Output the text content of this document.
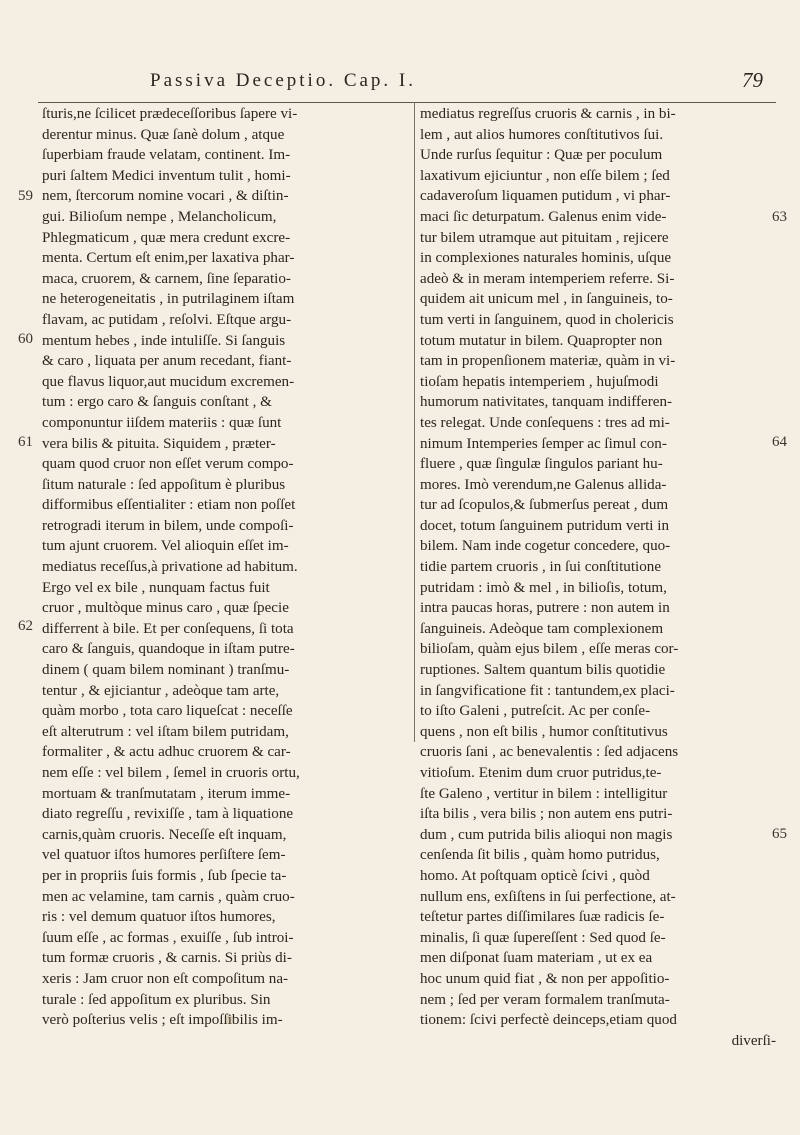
Passiva Deceptio. Cap. I.	79
ſturis,ne ſcilicet prædeceſſoribus ſapere vi-
derentur minus. Quæ ſanè dolum , atque
ſuperbiam fraude velatam, continent. Im-
puri ſaltem Medici inventum tulit , homi-
nem, ſtercorum nomine vocari , & diſtin-
gui. Bilioſum nempe , Melancholicum,
Phlegmaticum , quæ mera credunt excre-
menta. Certum eſt enim,per laxativa phar-
maca, cruorem, & carnem, ſine ſeparatio-
ne heterogeneitatis , in putrilaginem iſtam
flavam, ac putidam , reſolvi. Eſtque argu-
mentum hebes , inde intuliſſe. Si ſanguis
& caro , liquata per anum recedant, fiant-
que flavus liquor,aut mucidum excremen-
tum : ergo caro & ſanguis conſtant , &
componuntur iiſdem materiis : quæ ſunt
vera bilis & pituita. Siquidem , præter-
quam quod cruor non eſſet verum compo-
ſitum naturale : ſed appoſitum è pluribus
difformibus eſſentialiter : etiam non poſſet
retrogradi iterum in bilem, unde compoſi-
tum ajunt cruorem. Vel alioquin eſſet im-
mediatus receſſus,à privatione ad habitum.
Ergo vel ex bile , nunquam factus fuit
cruor , multòque minus caro , quæ ſpecie
differrent à bile. Et per conſequens, ſi tota
caro & ſanguis, quandoque in iſtam putre-
dinem ( quam bilem nominant ) tranſmu-
tentur , & ejiciantur , adeòque tam arte,
quàm morbo , tota caro liqueſcat : neceſſe
eſt alterutrum : vel iſtam bilem putridam,
formaliter , & actu adhuc cruorem & car-
nem eſſe : vel bilem , ſemel in cruoris ortu,
mortuam & tranſmutatam , iterum imme-
diato regreſſu , revixiſſe , tam à liquatione
carnis,quàm cruoris. Neceſſe eſt inquam,
vel quatuor iſtos humores perſiſtere ſem-
per in propriis ſuis formis , ſub ſpecie ta-
men ac velamine, tam carnis , quàm cruo-
ris : vel demum quatuor iſtos humores,
ſuum eſſe , ac formas , exuiſſe , ſub introi-
tum formæ cruoris , & carnis. Si priùs di-
xeris : Jam cruor non eſt compoſitum na-
turale : ſed appoſitum ex pluribus. Sin
verò poſterius velis ; eſt impoſſibilis im-
mediatus regreſſus cruoris & carnis , in bi-
lem , aut alios humores conſtitutivos ſui.
Unde rurſus ſequitur : Quæ per poculum
laxativum ejiciuntur , non eſſe bilem ; ſed
cadaveroſum liquamen putidum , vi phar-
maci ſic deturpatum. Galenus enim vide-
tur bilem utramque aut pituitam , rejicere
in complexiones naturales hominis, uſque
adeò & in meram intemperiem referre. Si-
quidem ait unicum mel , in ſanguineis, to-
tum verti in ſanguinem, quod in cholericis
totum mutatur in bilem. Quapropter non
tam in propenſionem materiæ, quàm in vi-
tioſam hepatis intemperiem , hujuſmodi
humorum nativitates, tanquam indifferen-
tes relegat. Unde conſequens : tres ad mi-
nimum Intemperies ſemper ac ſimul con-
fluere , quæ ſingulæ ſingulos pariant hu-
mores. Imò verendum,ne Galenus allida-
tur ad ſcopulos,& ſubmerſus pereat , dum
docet, totum ſanguinem putridum verti in
bilem. Nam inde cogetur concedere, quo-
tidie partem cruoris , in ſui conſtitutione
putridam : imò & mel , in bilioſis, totum,
intra paucas horas, putrere : non autem in
ſanguineis. Adeòque tam complexionem
bilioſam, quàm ejus bilem , eſſe meras cor-
ruptiones. Saltem quantum bilis quotidie
in ſangvificatione fit : tantundem,ex placi-
to iſto Galeni , putreſcit. Ac per conſe-
quens , non eſt bilis , humor conſtitutivus
cruoris ſani , ac benevalentis : ſed adjacens
vitioſum. Etenim dum cruor putridus,te-
ſte Galeno , vertitur in bilem : intelligitur
iſta bilis , vera bilis ; non autem ens putri-
dum , cum putrida bilis alioqui non magis
cenſenda ſit bilis , quàm homo putridus,
homo. At poſtquam opticè ſcivi , quòd
nullum ens, exſiſtens in ſui perfectione, at-
teſtetur partes diſſimilares ſuæ radicis ſe-
minalis, ſi quæ ſupereſſent : Sed quod ſe-
men diſponat ſuam materiam , ut ex ea
hoc unum quid fiat , & non per appoſitio-
nem ; ſed per veram formalem tranſmuta-
tionem: ſcivi perfectè deinceps,etiam quod
diverſi-
59
60
61
62
63
64
65
